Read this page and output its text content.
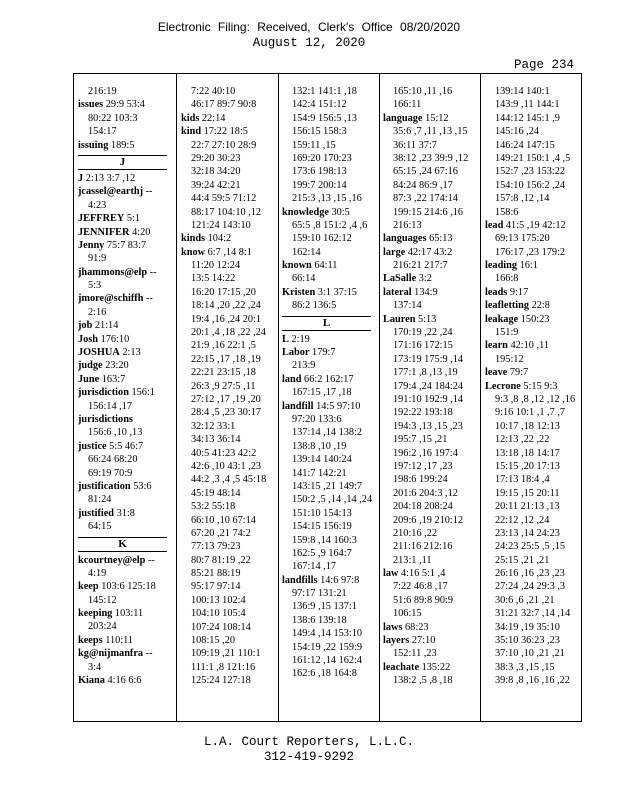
Electronic Filing: Received, Clerk's Office 08/20/2020
August 12, 2020
Page 234
216:19
issues 29:9 53:4
80:22 103:3
154:17
issuing 189:5
J
J 2:13 3:7 ,12
jcassel@earthj --
4:23
JEFFREY 5:1
JENNIFER 4:20
Jenny 75:7 83:7
91:9
jhammons@elp --
5:3
jmore@schiffh --
2:16
job 21:14
Josh 176:10
JOSHUA 2:13
judge 23:20
June 163:7
jurisdiction 156:1
156:14 ,17
jurisdictions
156:6 ,10 ,13
justice 5:5 46:7
66:24 68:20
69:19 70:9
justification 53:6
81:24
justified 31:8
64:15
K
kcourtney@elp --
4:19
keep 103:6 125:18
145:12
keeping 103:11
203:24
keeps 110:11
kg@nijmanfra --
3:4
Kiana 4:16 6:6
7:22 40:10
46:17 89:7 90:8
kids 22:14
kind 17:22 18:5
22:7 27:10 28:9
29:20 30:23
32:18 34:20
39:24 42:21
44:4 59:5 71:12
88:17 104:10 ,12
121:24 143:10
kinds 104:2
know 6:7 ,14 8:1
11:20 12:24
13:5 14:22
16:20 17:15 ,20
18:14 ,20 ,22 ,24
19:4 ,16 ,24 20:1
20:1 ,4 ,18 ,22 ,24
21:9 ,16 22:1 ,5
22:15 ,17 ,18 ,19
22:21 23:15 ,18
26:3 ,9 27:5 ,11
27:12 ,17 ,19 ,20
28:4 ,5 ,23 30:17
32:12 33:1
34:13 36:14
40:5 41:23 42:2
42:6 ,10 43:1 ,23
44:2 ,3 ,4 ,5 45:18
45:19 48:14
53:2 55:18
66:10 ,10 67:14
67:20 ,21 74:2
77:13 79:23
80:7 81:19 ,22
85:21 88:19
95:17 97:14
100:13 102:4
104:10 105:4
107:24 108:14
108:15 ,20
109:19 ,21 110:1
111:1 ,8 121:16
125:24 127:18
132:1 141:1 ,18
142:4 151:12
154:9 156:5 ,13
156:15 158:3
159:11 ,15
169:20 170:23
173:6 198:13
199:7 200:14
215:3 ,13 ,15 ,16
knowledge 30:5
65:5 ,8 151:2 ,4 ,6
159:10 162:12
162:14
known 64:11
66:14
Kristen 3:1 37:15
86:2 136:5
L
L 2:19
Labor 179:7
213:9
land 66:2 162:17
167:15 ,17 ,18
landfill 14:5 97:10
97:20 133:6
137:14 ,14 138:2
138:8 ,10 ,19
139:14 140:24
141:7 142:21
143:15 ,21 149:7
150:2 ,5 ,14 ,14 ,24
151:10 154:13
154:15 156:19
159:8 ,14 160:3
162:5 ,9 164:7
167:14 ,17
landfills 14:6 97:8
97:17 131:21
136:9 ,15 137:1
138:6 139:18
149:4 ,14 153:10
154:19 ,22 159:9
161:12 ,14 162:4
162:6 ,18 164:8
165:10 ,11 ,16
166:11
language 15:12
35:6 ,7 ,11 ,13 ,15
36:11 37:7
38:12 ,23 39:9 ,12
65:15 ,24 67:16
84:24 86:9 ,17
87:3 ,22 174:14
199:15 214:6 ,16
216:13
languages 65:13
large 42:17 43:2
216:21 217:7
LaSalle 3:2
lateral 134:9
137:14
Lauren 5:13
170:19 ,22 ,24
171:16 172:15
173:19 175:9 ,14
177:1 ,8 ,13 ,19
179:4 ,24 184:24
191:10 192:9 ,14
192:22 193:18
194:3 ,13 ,15 ,23
195:7 ,15 ,21
196:2 ,16 197:4
197:12 ,17 ,23
198:6 199:24
201:6 204:3 ,12
204:18 208:24
209:6 ,19 210:12
210:16 ,22
211:16 212:16
213:1 ,11
law 4:16 5:1 ,4
7:22 46:8 ,17
51:6 89:8 90:9
106:15
laws 68:23
layers 27:10
152:11 ,23
leachate 135:22
138:2 ,5 ,8 ,18
139:14 140:1
143:9 ,11 144:1
144:12 145:1 ,9
145:16 ,24
146:24 147:15
149:21 150:1 ,4 ,5
152:7 ,23 153:22
154:10 156:2 ,24
157:8 ,12 ,14
158:6
lead 41:5 ,19 42:12
69:13 175:20
176:17 ,23 179:2
leading 16:1
166:8
leads 9:17
leafletting 22:8
leakage 150:23
151:9
learn 42:10 ,11
195:12
leave 79:7
Lecrone 5:15 9:3
9:3 ,8 ,8 ,12 ,12 ,16
9:16 10:1 ,1 ,7 ,7
10:17 ,18 12:13
12:13 ,22 ,22
13:18 ,18 14:17
15:15 ,20 17:13
17:13 18:4 ,4
19:15 ,15 20:11
20:11 21:13 ,13
22:12 ,12 ,24
23:13 ,14 24:23
24:23 25:5 ,5 ,15
25:15 ,21 ,21
26:16 ,16 ,23 ,23
27:24 ,24 29:3 ,3
30:6 ,6 ,21 ,21
31:21 32:7 ,14 ,14
34:19 ,19 35:10
35:10 36:23 ,23
37:10 ,10 ,21 ,21
38:3 ,3 ,15 ,15
39:8 ,8 ,16 ,16 ,22
L.A. Court Reporters, L.L.C.
312-419-9292
